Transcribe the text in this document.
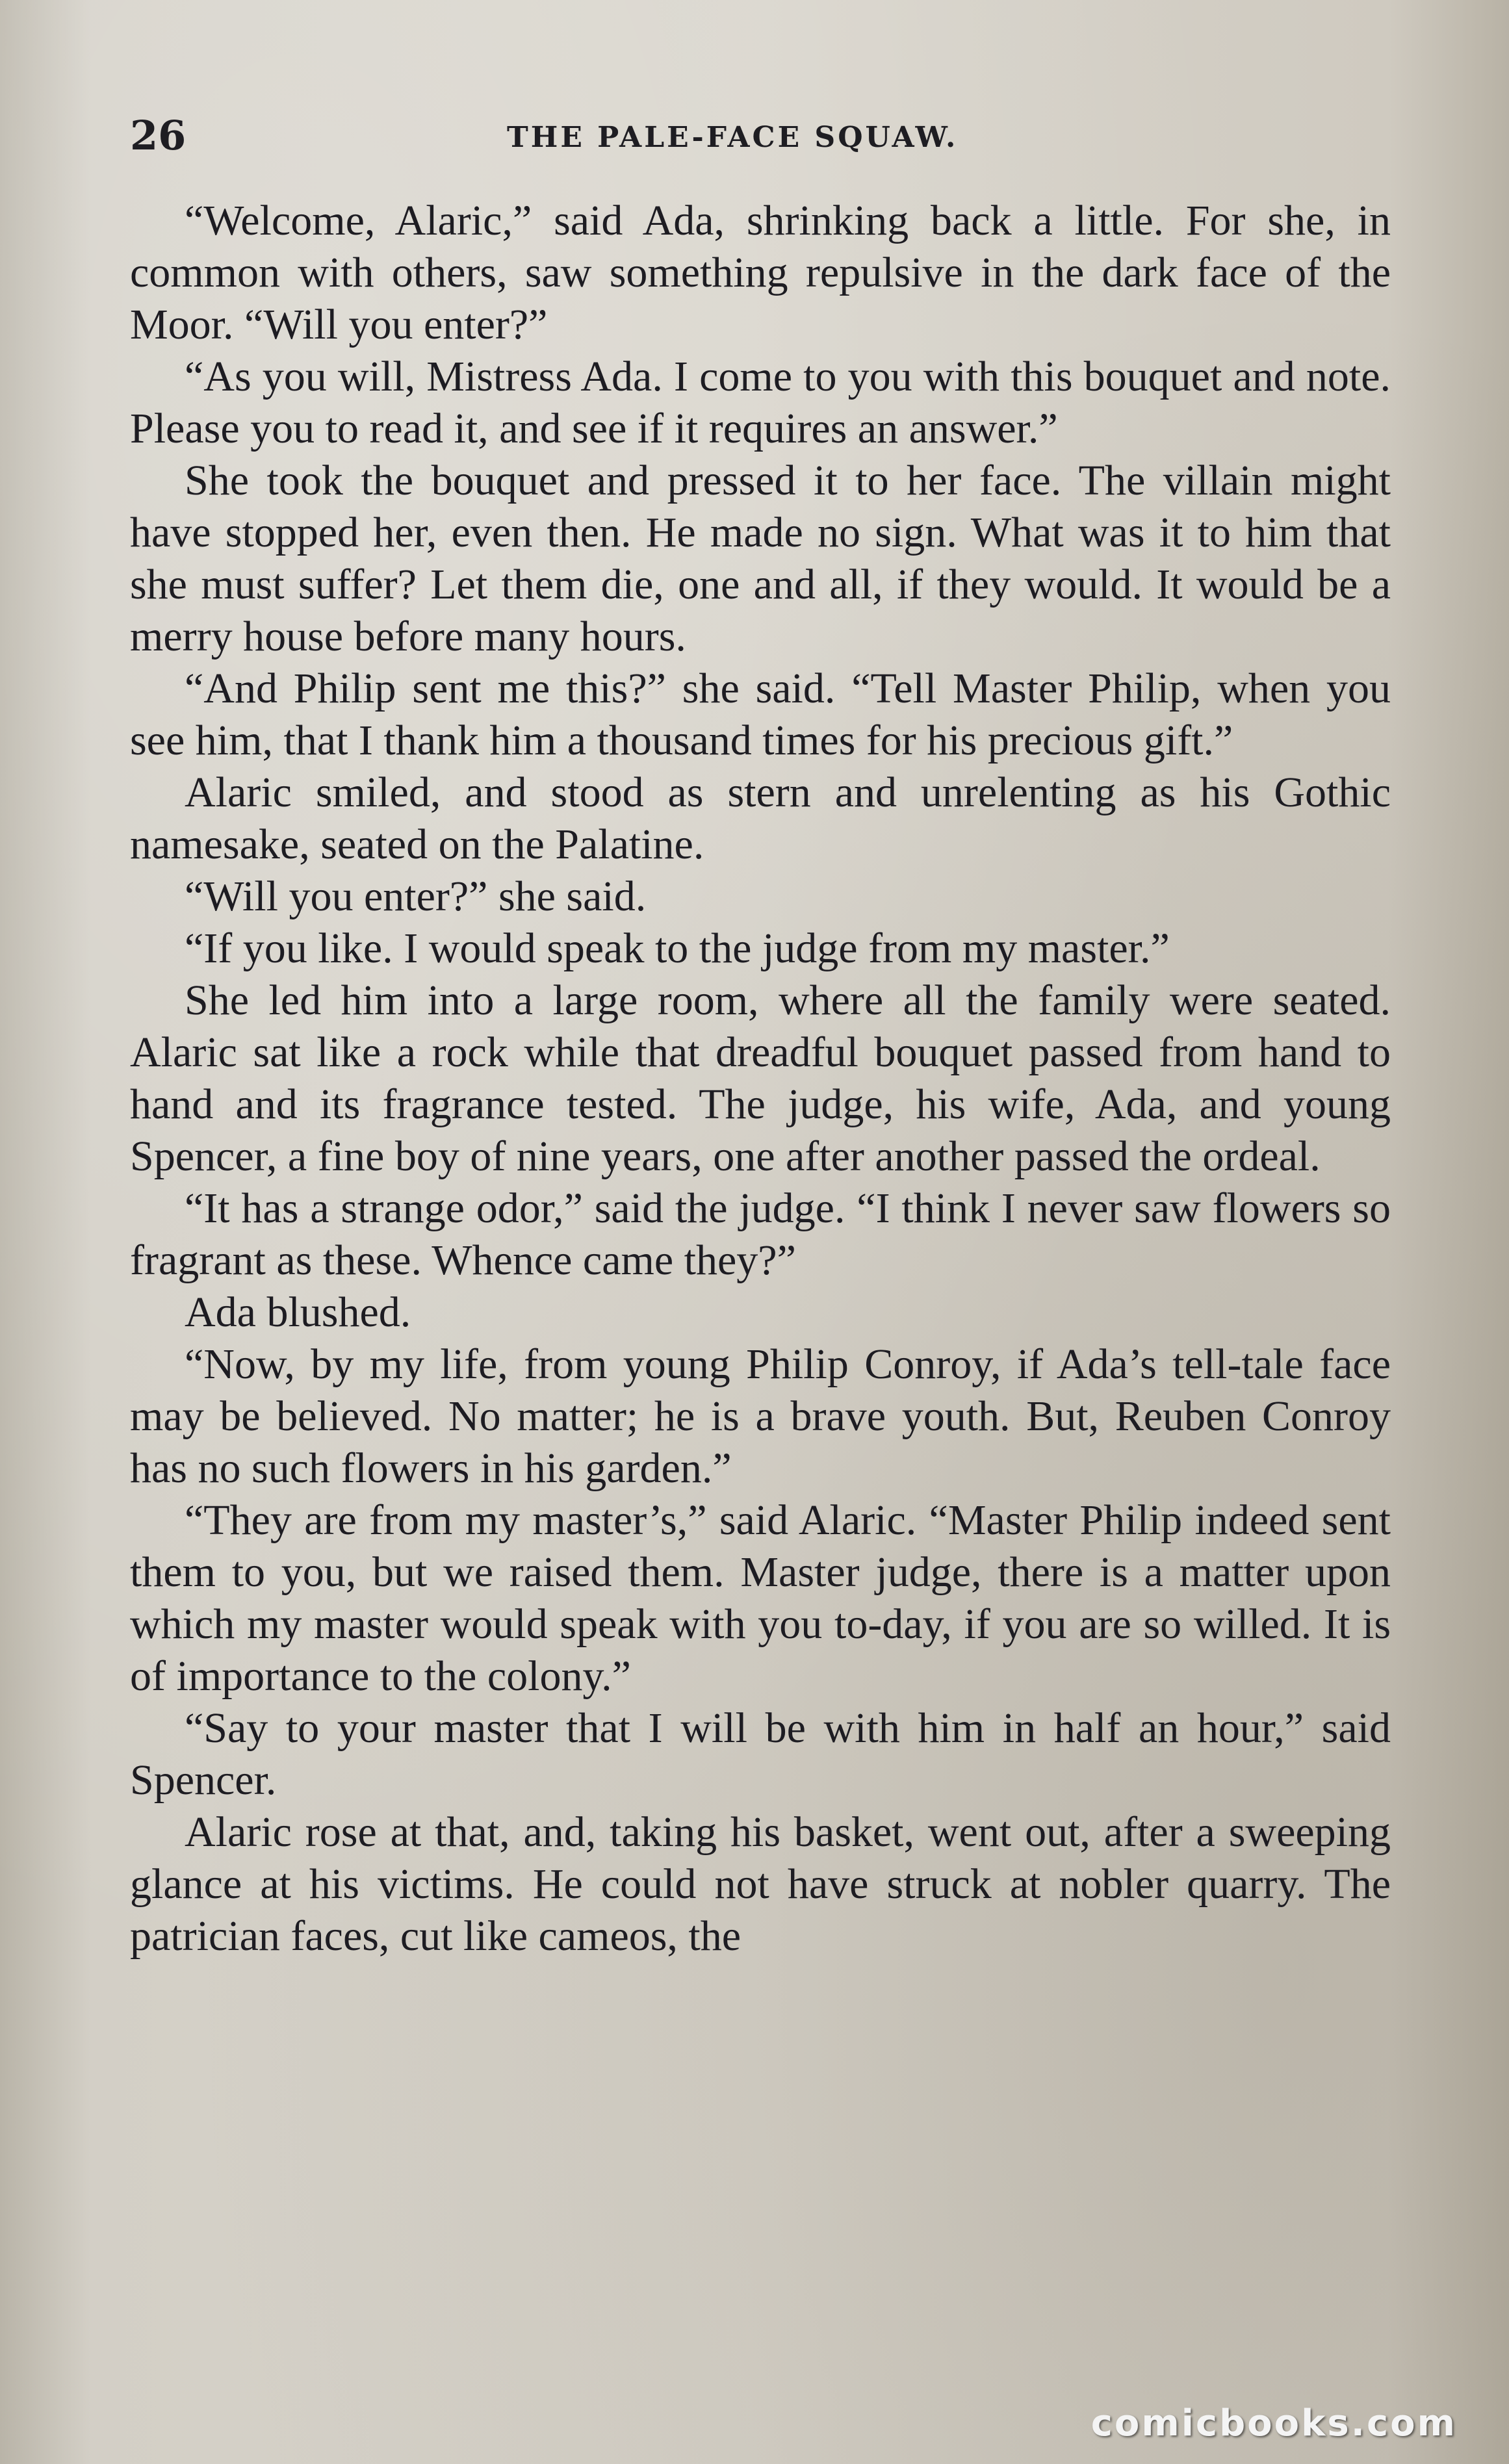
26	THE PALE-FACE SQUAW.

“Welcome, Alaric,” said Ada, shrinking back a little. For she, in common with others, saw something repulsive in the dark face of the Moor. “Will you enter?”

“As you will, Mistress Ada. I come to you with this bouquet and note. Please you to read it, and see if it requires an answer.”

She took the bouquet and pressed it to her face. The villain might have stopped her, even then. He made no sign. What was it to him that she must suffer? Let them die, one and all, if they would. It would be a merry house before many hours.

“And Philip sent me this?” she said. “Tell Master Philip, when you see him, that I thank him a thousand times for his precious gift.”

Alaric smiled, and stood as stern and unrelenting as his Gothic namesake, seated on the Palatine.

“Will you enter?” she said.

“If you like. I would speak to the judge from my master.”

She led him into a large room, where all the family were seated. Alaric sat like a rock while that dreadful bouquet passed from hand to hand and its fragrance tested. The judge, his wife, Ada, and young Spencer, a fine boy of nine years, one after another passed the ordeal.

“It has a strange odor,” said the judge. “I think I never saw flowers so fragrant as these. Whence came they?”

Ada blushed.

“Now, by my life, from young Philip Conroy, if Ada’s tell-tale face may be believed. No matter; he is a brave youth. But, Reuben Conroy has no such flowers in his garden.”

“They are from my master’s,” said Alaric. “Master Philip indeed sent them to you, but we raised them. Master judge, there is a matter upon which my master would speak with you to-day, if you are so willed. It is of importance to the colony.”

“Say to your master that I will be with him in half an hour,” said Spencer.

Alaric rose at that, and, taking his basket, went out, after a sweeping glance at his victims. He could not have struck at nobler quarry. The patrician faces, cut like cameos, the

comicbooks.com
